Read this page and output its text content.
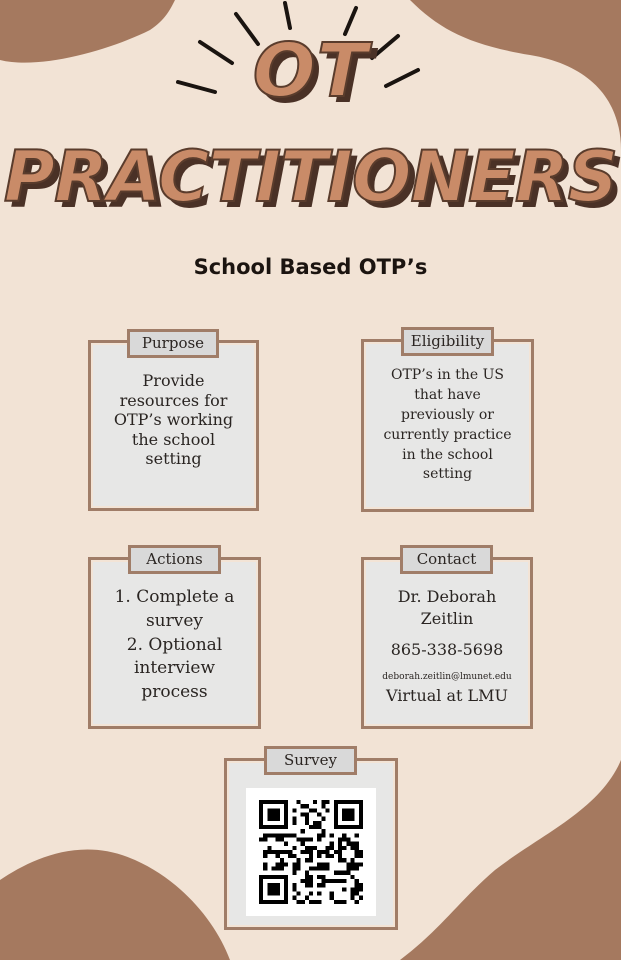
OT
PRACTITIONERS
School Based OTP’s
Provide
resources for
OTP’s working
the school
setting
Purpose
OTP’s in the US
that have
previously or
currently practice
in the school
setting
Eligibility
1. Complete a
survey
2. Optional
interview
process
Actions
Dr. Deborah
Zeitlin
865-338-5698
deborah.zeitlin@lmunet.edu
Virtual at LMU
Contact
Survey
